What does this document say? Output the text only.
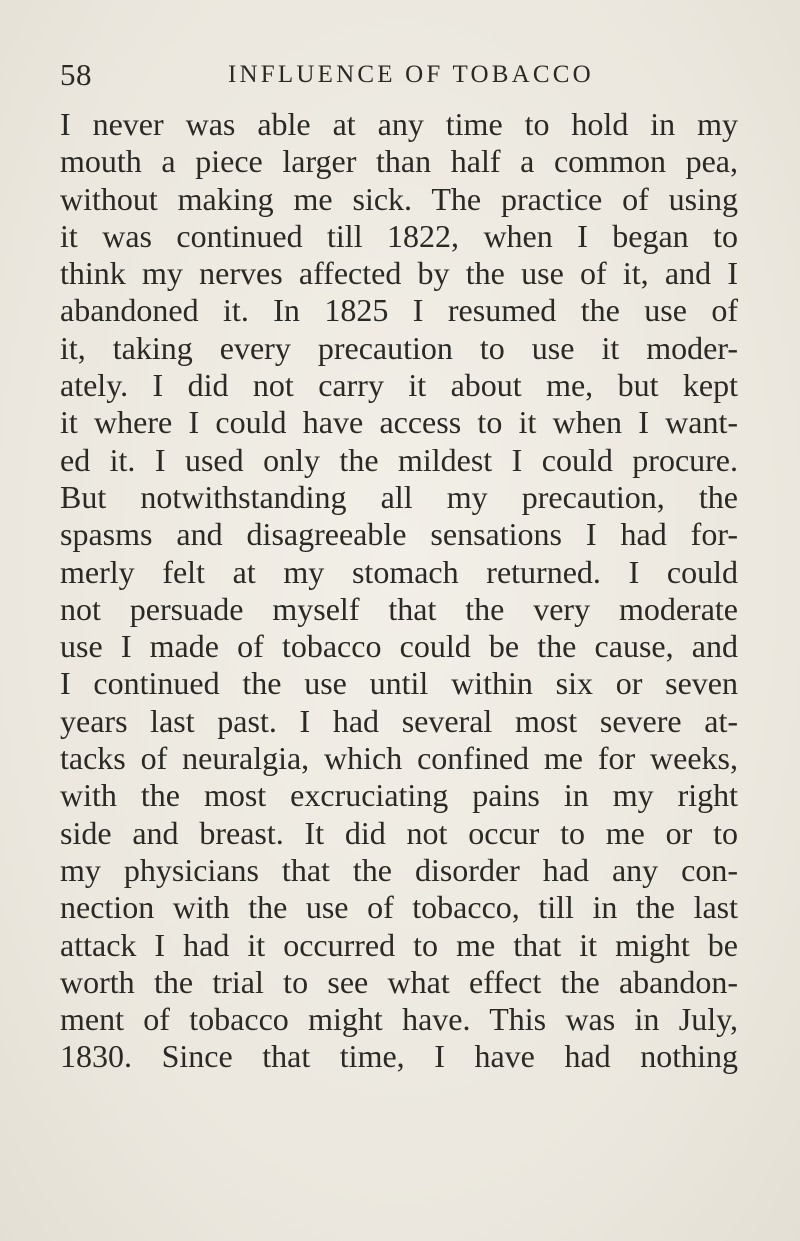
58	INFLUENCE OF TOBACCO
I never was able at any time to hold in my
mouth a piece larger than half a common pea,
without making me sick. The practice of using
it was continued till 1822, when I began to
think my nerves affected by the use of it, and I
abandoned it. In 1825 I resumed the use of
it, taking every precaution to use it moder-
ately. I did not carry it about me, but kept
it where I could have access to it when I want-
ed it. I used only the mildest I could procure.
But notwithstanding all my precaution, the
spasms and disagreeable sensations I had for-
merly felt at my stomach returned. I could
not persuade myself that the very moderate
use I made of tobacco could be the cause, and
I continued the use until within six or seven
years last past. I had several most severe at-
tacks of neuralgia, which confined me for weeks,
with the most excruciating pains in my right
side and breast. It did not occur to me or to
my physicians that the disorder had any con-
nection with the use of tobacco, till in the last
attack I had it occurred to me that it might be
worth the trial to see what effect the abandon-
ment of tobacco might have. This was in July,
1830. Since that time, I have had nothing
